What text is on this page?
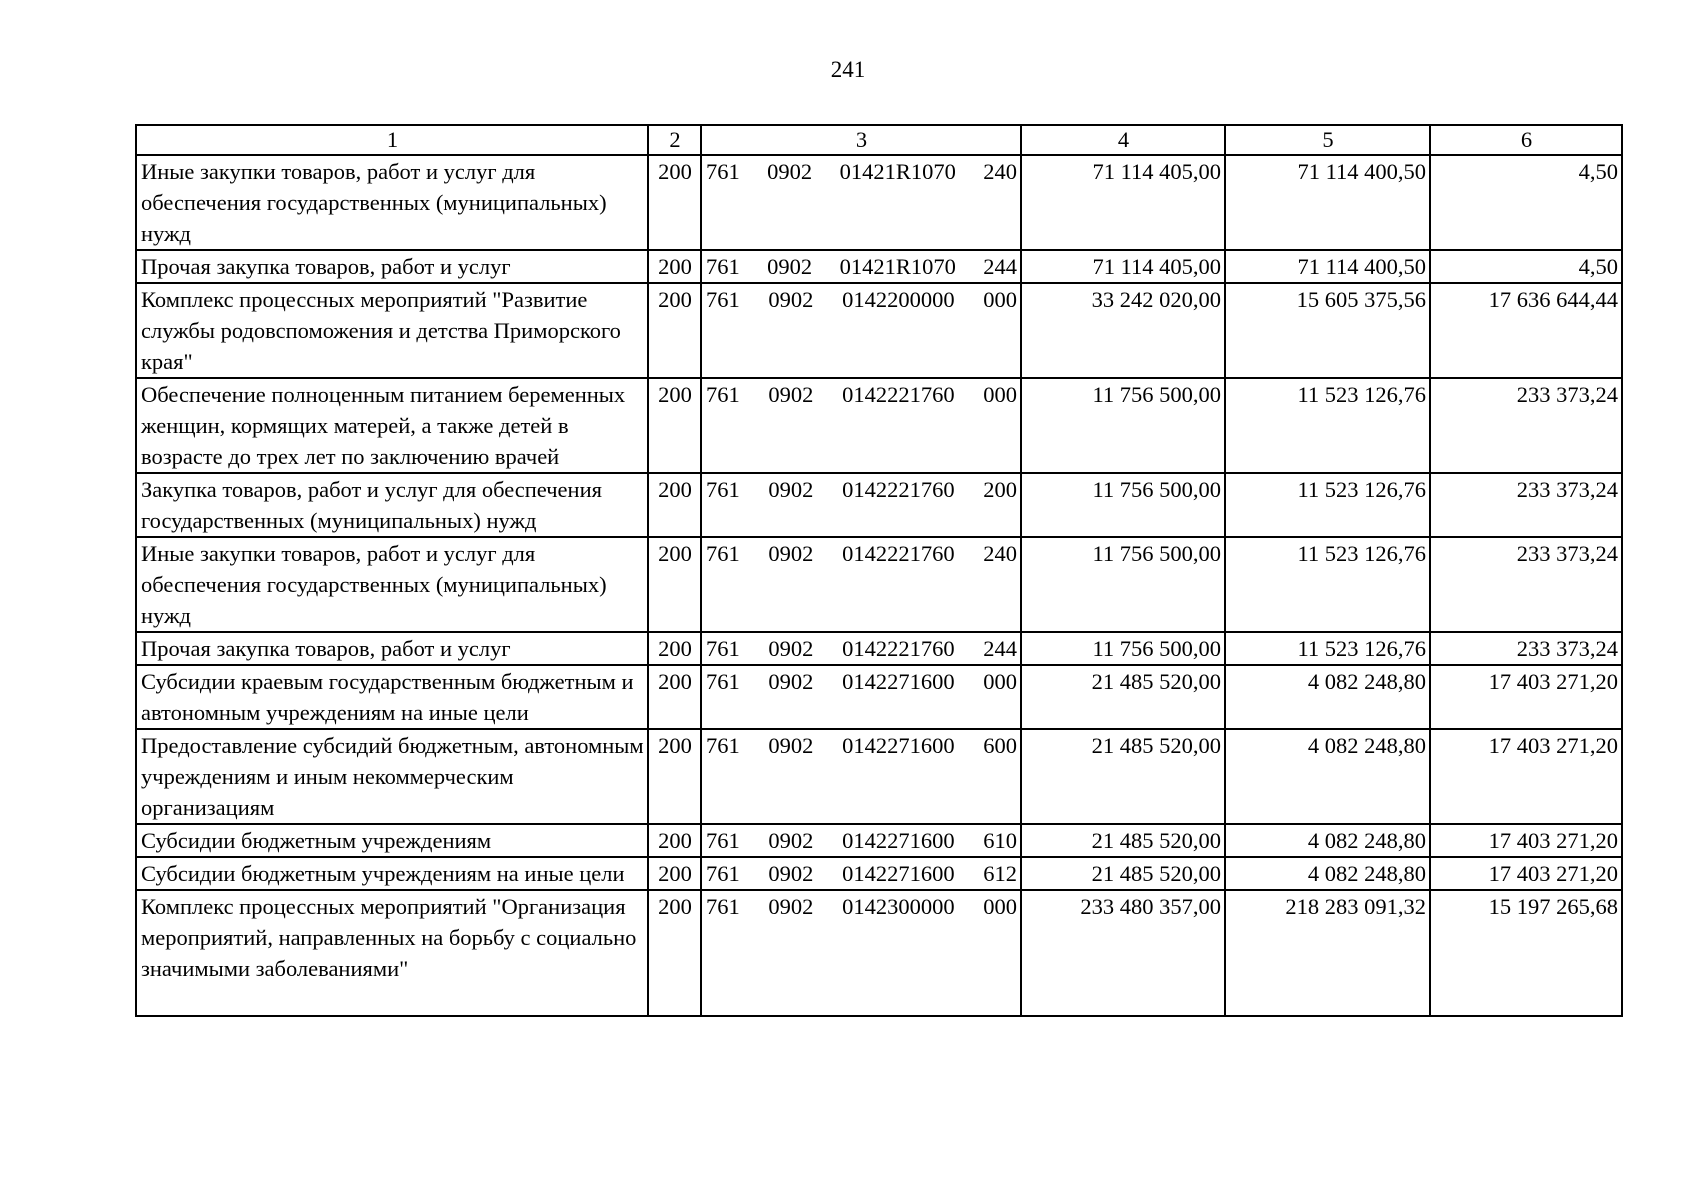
241
1	2	3	4	5	6
Иные закупки товаров, работ и услуг для обеспечения государственных (муниципальных) нужд	200	761 0902 01421R1070 240	71 114 405,00	71 114 400,50	4,50
Прочая закупка товаров, работ и услуг	200	761 0902 01421R1070 244	71 114 405,00	71 114 400,50	4,50
Комплекс процессных мероприятий "Развитие службы родовспоможения и детства Приморского края"	200	761 0902 0142200000 000	33 242 020,00	15 605 375,56	17 636 644,44
Обеспечение полноценным питанием беременных женщин, кормящих матерей, а также детей в возрасте до трех лет по заключению врачей	200	761 0902 0142221760 000	11 756 500,00	11 523 126,76	233 373,24
Закупка товаров, работ и услуг для обеспечения государственных (муниципальных) нужд	200	761 0902 0142221760 200	11 756 500,00	11 523 126,76	233 373,24
Иные закупки товаров, работ и услуг для обеспечения государственных (муниципальных) нужд	200	761 0902 0142221760 240	11 756 500,00	11 523 126,76	233 373,24
Прочая закупка товаров, работ и услуг	200	761 0902 0142221760 244	11 756 500,00	11 523 126,76	233 373,24
Субсидии краевым государственным бюджетным и автономным учреждениям на иные цели	200	761 0902 0142271600 000	21 485 520,00	4 082 248,80	17 403 271,20
Предоставление субсидий бюджетным, автономным учреждениям и иным некоммерческим организациям	200	761 0902 0142271600 600	21 485 520,00	4 082 248,80	17 403 271,20
Субсидии бюджетным учреждениям	200	761 0902 0142271600 610	21 485 520,00	4 082 248,80	17 403 271,20
Субсидии бюджетным учреждениям на иные цели	200	761 0902 0142271600 612	21 485 520,00	4 082 248,80	17 403 271,20
Комплекс процессных мероприятий "Организация мероприятий, направленных на борьбу с социально значимыми заболеваниями"	200	761 0902 0142300000 000	233 480 357,00	218 283 091,32	15 197 265,68
